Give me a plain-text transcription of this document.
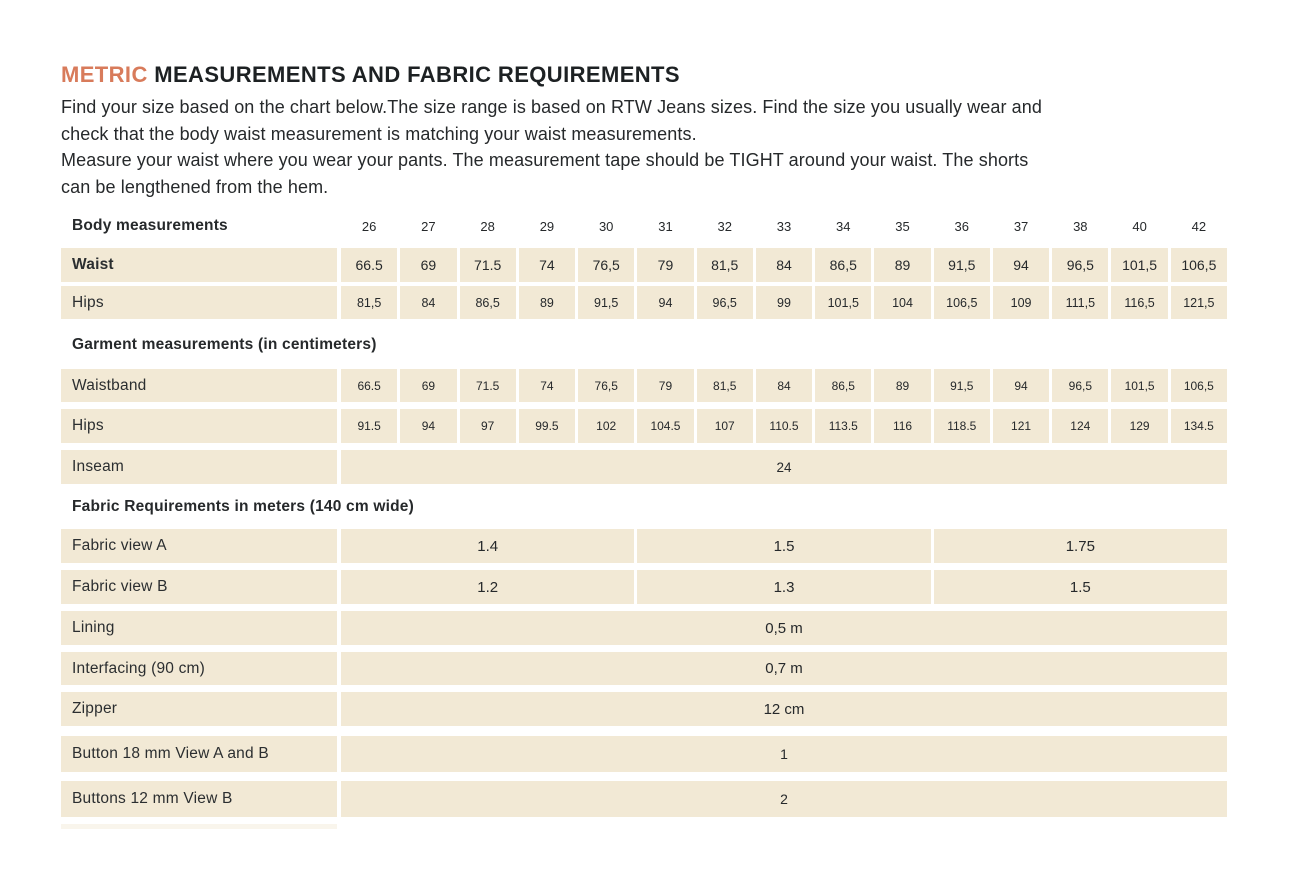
METRIC MEASUREMENTS AND FABRIC REQUIREMENTS
Find your size based on the chart below.The size range is based on RTW Jeans sizes. Find the size you usually wear and
check that the body waist measurement is matching your waist measurements.
Measure your waist where you wear your pants. The measurement tape should be TIGHT around your waist. The shorts
can be lengthened from the hem.
Body measurements	26	27	28	29	30	31	32	33	34	35	36	37	38	40	42
Waist	66.5	69	71.5	74	76,5	79	81,5	84	86,5	89	91,5	94	96,5	101,5	106,5
Hips	81,5	84	86,5	89	91,5	94	96,5	99	101,5	104	106,5	109	111,5	116,5	121,5
Garment measurements (in centimeters)
Waistband	66.5	69	71.5	74	76,5	79	81,5	84	86,5	89	91,5	94	96,5	101,5	106,5
Hips	91.5	94	97	99.5	102	104.5	107	110.5	113.5	116	118.5	121	124	129	134.5
Inseam	24
Fabric Requirements in meters (140 cm wide)
Fabric view A	1.4	1.5	1.75
Fabric view B	1.2	1.3	1.5
Lining	0,5 m
Interfacing (90 cm)	0,7 m
Zipper	12 cm
Button 18 mm View A and B	1
Buttons 12 mm View B	2
